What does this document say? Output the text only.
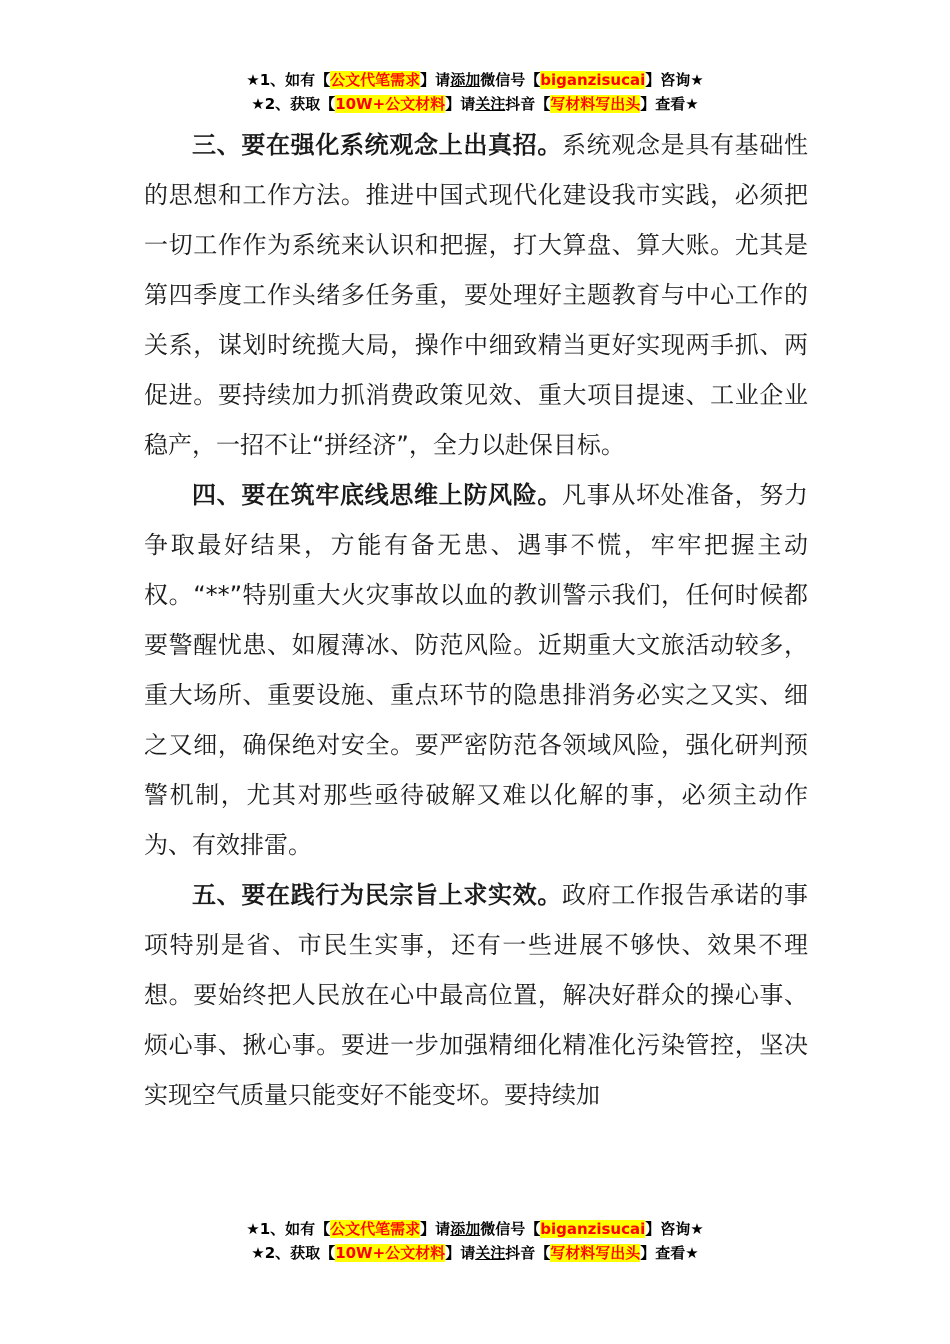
★1、如有【公文代笔需求】请添加微信号【biganzisucai】咨询★
★2、获取【10W+公文材料】请关注抖音【写材料写出头】查看★

三、要在强化系统观念上出真招。系统观念是具有基础性的思想和工作方法。推进中国式现代化建设我市实践，必须把一切工作作为系统来认识和把握，打大算盘、算大账。尤其是第四季度工作头绪多任务重，要处理好主题教育与中心工作的关系，谋划时统揽大局，操作中细致精当更好实现两手抓、两促进。要持续加力抓消费政策见效、重大项目提速、工业企业稳产，一招不让“拼经济”，全力以赴保目标。

四、要在筑牢底线思维上防风险。凡事从坏处准备，努力争取最好结果，方能有备无患、遇事不慌，牢牢把握主动权。“**”特别重大火灾事故以血的教训警示我们，任何时候都要警醒忧患、如履薄冰、防范风险。近期重大文旅活动较多，重大场所、重要设施、重点环节的隐患排消务必实之又实、细之又细，确保绝对安全。要严密防范各领域风险，强化研判预警机制，尤其对那些亟待破解又难以化解的事，必须主动作为、有效排雷。

五、要在践行为民宗旨上求实效。政府工作报告承诺的事项特别是省、市民生实事，还有一些进展不够快、效果不理想。要始终把人民放在心中最高位置，解决好群众的操心事、烦心事、揪心事。要进一步加强精细化精准化污染管控，坚决实现空气质量只能变好不能变坏。要持续加

★1、如有【公文代笔需求】请添加微信号【biganzisucai】咨询★
★2、获取【10W+公文材料】请关注抖音【写材料写出头】查看★
